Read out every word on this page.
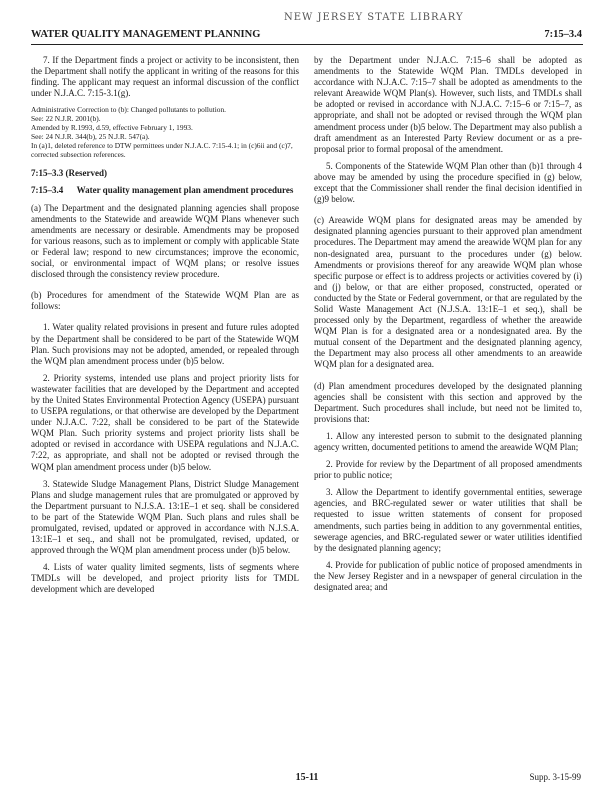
NEW JERSEY STATE LIBRARY
WATER QUALITY MANAGEMENT PLANNING	7:15–3.4

7. If the Department finds a project or activity to be inconsistent, then the Department shall notify the applicant in writing of the reasons for this finding. The applicant may request an informal discussion of the conflict under N.J.A.C. 7:15-3.1(g).

Administrative Correction to (b): Changed pollutants to pollution.

See: 22 N.J.R. 2001(b).

Amended by R.1993, d.59, effective February 1, 1993.

See: 24 N.J.R. 344(b), 25 N.J.R. 547(a).

In (a)1, deleted reference to DTW permittees under N.J.A.C. 7:15-4.1; in (c)6ii and (c)7, corrected subsection references.

7:15–3.3 (Reserved)
7:15–3.4	Water quality management plan amendment procedures

(a) The Department and the designated planning agencies shall propose amendments to the Statewide and areawide WQM Plans whenever such amendments are necessary or desirable. Amendments may be proposed for various reasons, such as to implement or comply with applicable State or Federal law; respond to new circumstances; improve the economic, social, or environmental impact of WQM plans; or resolve issues disclosed through the consistency review procedure.

(b) Procedures for amendment of the Statewide WQM Plan are as follows:

1. Water quality related provisions in present and future rules adopted by the Department shall be considered to be part of the Statewide WQM Plan. Such provisions may not be adopted, amended, or repealed through the WQM plan amendment process under (b)5 below.

2. Priority systems, intended use plans and project priority lists for wastewater facilities that are developed by the Department and accepted by the United States Environmental Protection Agency (USEPA) pursuant to USEPA regulations, or that otherwise are developed by the Department under N.J.A.C. 7:22, shall be considered to be part of the Statewide WQM Plan. Such priority systems and project priority lists shall be adopted or revised in accordance with USEPA regulations and N.J.A.C. 7:22, as appropriate, and shall not be adopted or revised through the WQM plan amendment process under (b)5 below.

3. Statewide Sludge Management Plans, District Sludge Management Plans and sludge management rules that are promulgated or approved by the Department pursuant to N.J.S.A. 13:1E–1 et seq. shall be considered to be part of the Statewide WQM Plan. Such plans and rules shall be promulgated, revised, updated or approved in accordance with N.J.S.A. 13:1E–1 et seq., and shall not be promulgated, revised, updated, or approved through the WQM plan amendment process under (b)5 below.

4. Lists of water quality limited segments, lists of segments where TMDLs will be developed, and project priority lists for TMDL development which are developed

by the Department under N.J.A.C. 7:15–6 shall be adopted as amendments to the Statewide WQM Plan. TMDLs developed in accordance with N.J.A.C. 7:15–7 shall be adopted as amendments to the relevant Areawide WQM Plan(s). However, such lists, and TMDLs shall be adopted or revised in accordance with N.J.A.C. 7:15–6 or 7:15–7, as appropriate, and shall not be adopted or revised through the WQM plan amendment process under (b)5 below. The Department may also publish a draft amendment as an Interested Party Review document or as a pre-proposal prior to formal proposal of the amendment.

5. Components of the Statewide WQM Plan other than (b)1 through 4 above may be amended by using the procedure specified in (g) below, except that the Commissioner shall render the final decision identified in (g)9 below.

(c) Areawide WQM plans for designated areas may be amended by designated planning agencies pursuant to their approved plan amendment procedures. The Department may amend the areawide WQM plan for any non-designated area, pursuant to the procedures under (g) below. Amendments or provisions thereof for any areawide WQM plan whose specific purpose or effect is to address projects or activities covered by (i) and (j) below, or that are either proposed, constructed, operated or conducted by the State or Federal government, or that are regulated by the Solid Waste Management Act (N.J.S.A. 13:1E–1 et seq.), shall be processed only by the Department, regardless of whether the areawide WQM Plan is for a designated area or a nondesignated area. By the mutual consent of the Department and the designated planning agency, the Department may also process all other amendments to an areawide WQM plan for a designated area.

(d) Plan amendment procedures developed by the designated planning agencies shall be consistent with this section and approved by the Department. Such procedures shall include, but need not be limited to, provisions that:

1. Allow any interested person to submit to the designated planning agency written, documented petitions to amend the areawide WQM Plan;

2. Provide for review by the Department of all proposed amendments prior to public notice;

3. Allow the Department to identify governmental entities, sewerage agencies, and BRC-regulated sewer or water utilities that shall be requested to issue written statements of consent for proposed amendments, such parties being in addition to any governmental entities, sewerage agencies, and BRC-regulated sewer or water utilities identified by the designated planning agency;

4. Provide for publication of public notice of proposed amendments in the New Jersey Register and in a newspaper of general circulation in the designated area; and

15-11	Supp. 3-15-99
